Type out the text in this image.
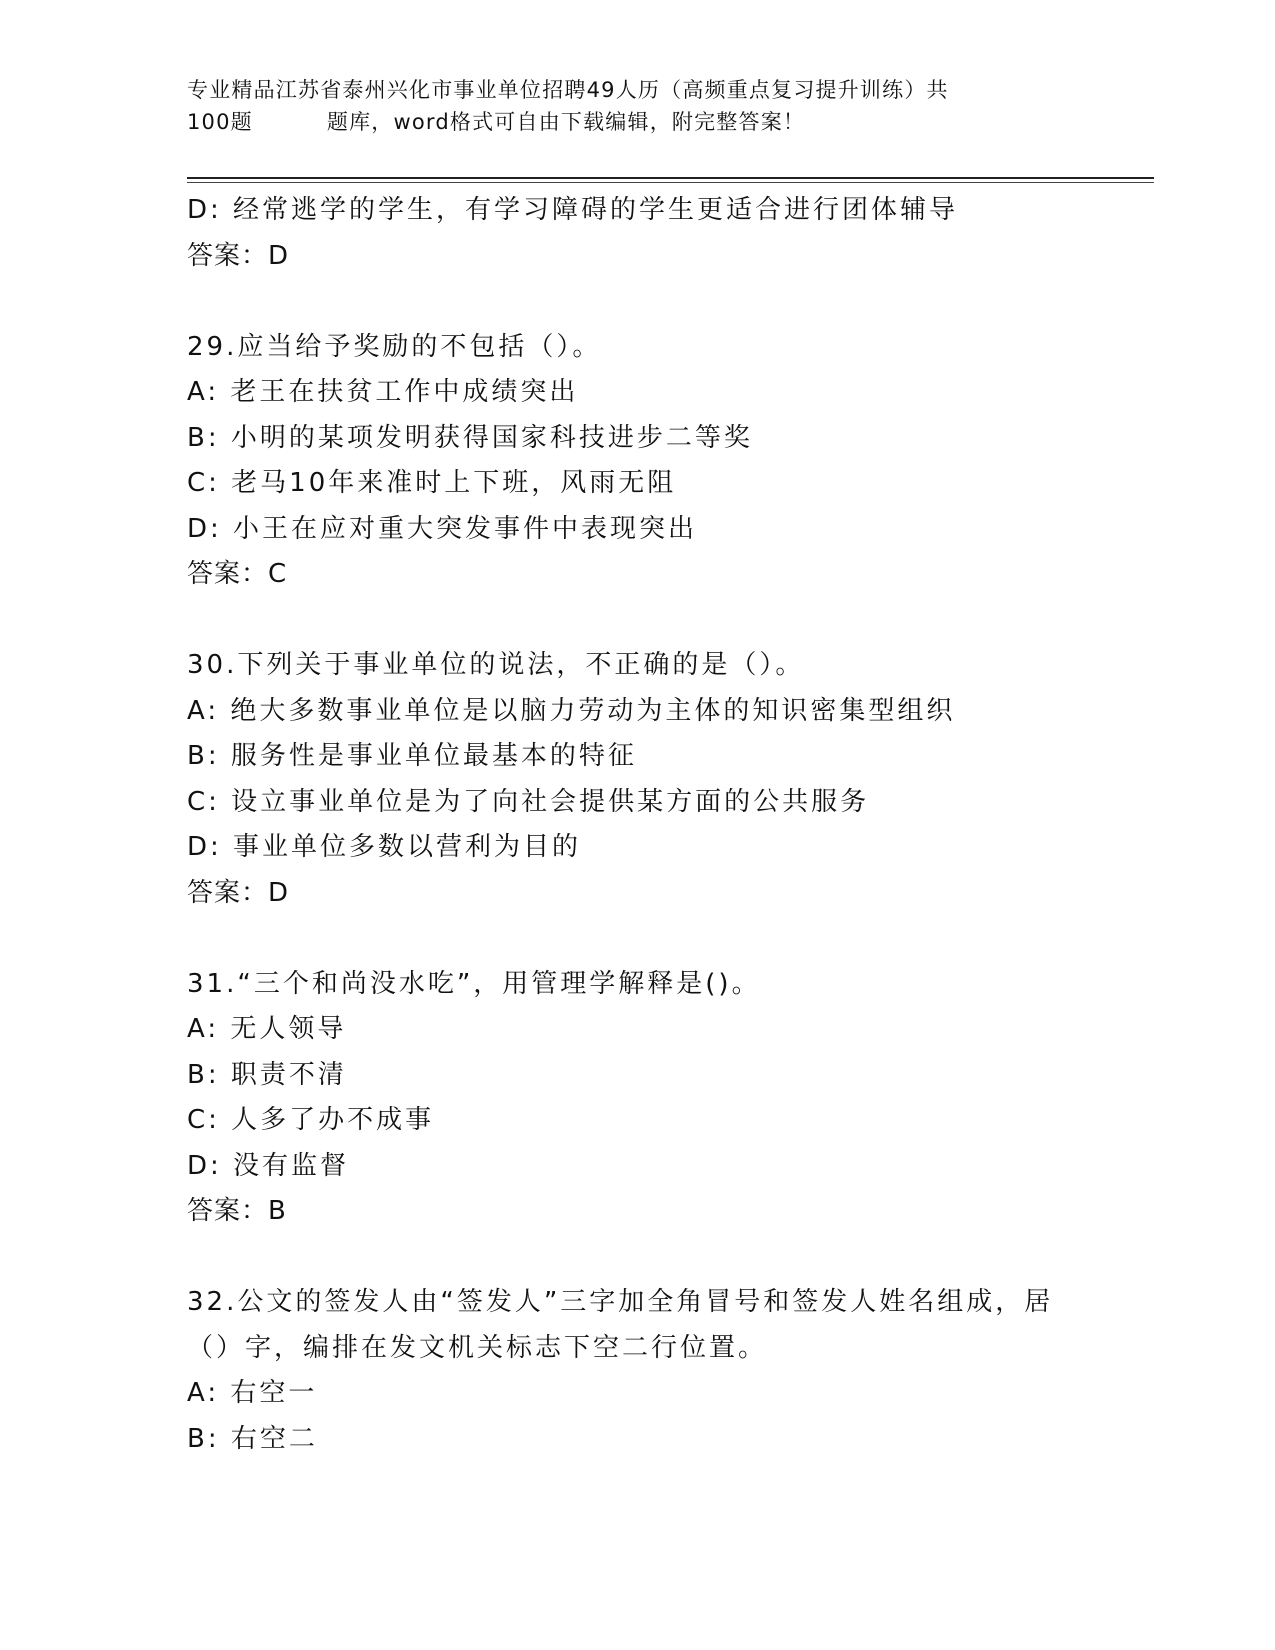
专业精品江苏省泰州兴化市事业单位招聘49人历（高频重点复习提升训练）共
100题	题库，word格式可自由下载编辑，附完整答案！
D: 经常逃学的学生，有学习障碍的学生更适合进行团体辅导
答案：D
29.应当给予奖励的不包括（）。
A: 老王在扶贫工作中成绩突出
B: 小明的某项发明获得国家科技进步二等奖
C: 老马10年来准时上下班，风雨无阻
D: 小王在应对重大突发事件中表现突出
答案：C
30.下列关于事业单位的说法，不正确的是（）。
A: 绝大多数事业单位是以脑力劳动为主体的知识密集型组织
B: 服务性是事业单位最基本的特征
C: 设立事业单位是为了向社会提供某方面的公共服务
D: 事业单位多数以营利为目的
答案：D
31.“三个和尚没水吃”，用管理学解释是()。
A: 无人领导
B: 职责不清
C: 人多了办不成事
D: 没有监督
答案：B
32.公文的签发人由“签发人”三字加全角冒号和签发人姓名组成，居
（）字，编排在发文机关标志下空二行位置。
A: 右空一
B: 右空二
